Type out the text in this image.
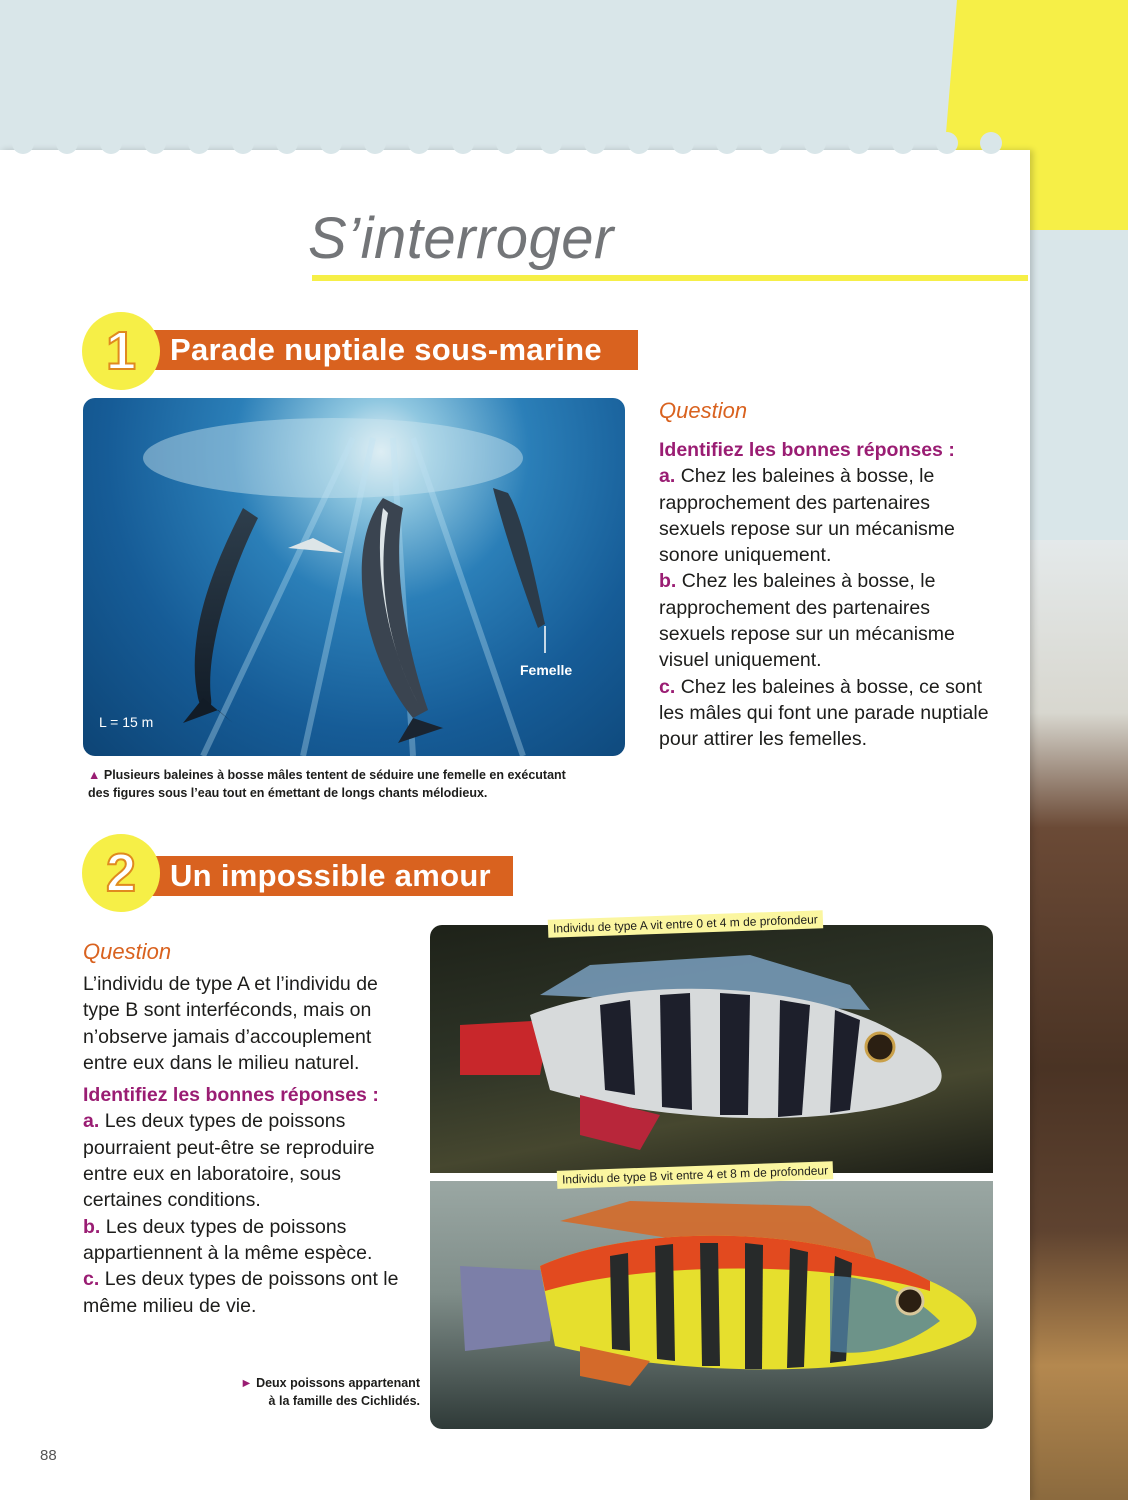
S’interroger
1	Parade nuptiale sous-marine
Femelle
L = 15 m
▲ Plusieurs baleines à bosse mâles tentent de séduire une femelle en exécutant
des figures sous l’eau tout en émettant de longs chants mélodieux.
Question
Identifiez les bonnes réponses :
a. Chez les baleines à bosse, le rapprochement des partenaires sexuels repose sur un mécanisme sonore uniquement.
b. Chez les baleines à bosse, le rapprochement des partenaires sexuels repose sur un mécanisme visuel uniquement.
c. Chez les baleines à bosse, ce sont les mâles qui font une parade nuptiale pour attirer les femelles.
2	Un impossible amour
Question
L’individu de type A et l’individu de type B sont interféconds, mais on n’observe jamais d’accouplement entre eux dans le milieu naturel.
Identifiez les bonnes réponses :
a. Les deux types de poissons pourraient peut-être se reproduire entre eux en laboratoire, sous certaines conditions.
b. Les deux types de poissons appartiennent à la même espèce.
c. Les deux types de poissons ont le même milieu de vie.
Individu de type A vit entre 0 et 4 m de profondeur
Individu de type B vit entre 4 et 8 m de profondeur
► Deux poissons appartenant
à la famille des Cichlidés.
88
